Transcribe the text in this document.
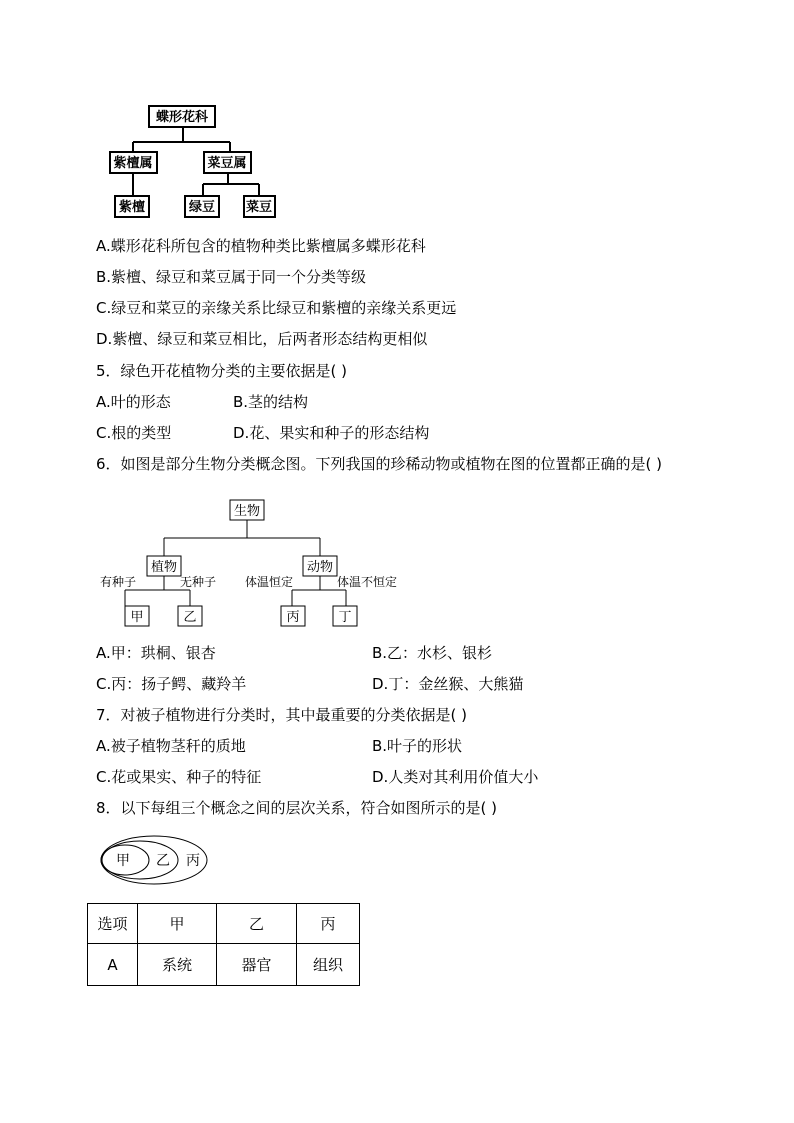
蝶形花科
紫檀属	菜豆属
紫檀	绿豆 菜豆
A.蝶形花科所包含的植物种类比紫檀属多蝶形花科
B.紫檀、绿豆和菜豆属于同一个分类等级
C.绿豆和菜豆的亲缘关系比绿豆和紫檀的亲缘关系更远
D.紫檀、绿豆和菜豆相比，后两者形态结构更相似
5．绿色开花植物分类的主要依据是( )
A.叶的形态	B.茎的结构
C.根的类型	D.花、果实和种子的形态结构
6．如图是部分生物分类概念图。下列我国的珍稀动物或植物在图的位置都正确的是( )
生物
植物	动物
甲	乙	丙	丁
有种子	无种子 体温恒定	体温不恒定
A.甲：珙桐、银杏	B.乙：水杉、银杉
C.丙：扬子鳄、藏羚羊	D.丁：金丝猴、大熊猫
7．对被子植物进行分类时，其中最重要的分类依据是( )
A.被子植物茎秆的质地	B.叶子的形状
C.花或果实、种子的特征	D.人类对其利用价值大小
8．以下每组三个概念之间的层次关系，符合如图所示的是( )
甲 乙 丙
选项	甲	乙	丙
A	系统	器官	组织
